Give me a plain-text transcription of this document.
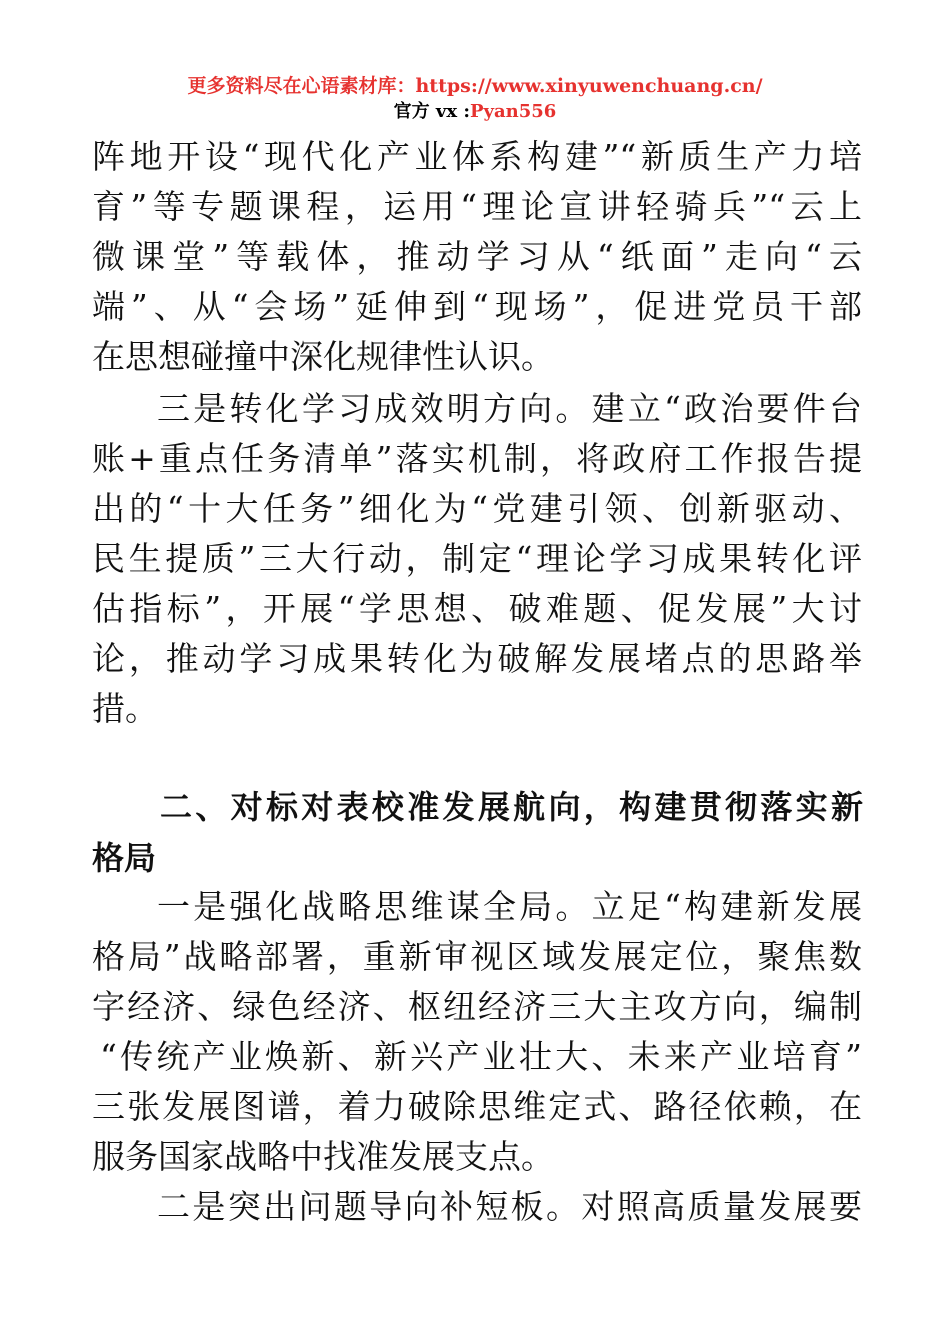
更多资料尽在心语素材库：https://www.xinyuwenchuang.cn/
官方 vx :Pyan556
阵地开设“现代化产业体系构建”“新质生产力培
育”等专题课程，运用“理论宣讲轻骑兵”“云上
微课堂”等载体，推动学习从“纸面”走向“云
端”、从“会场”延伸到“现场”，促进党员干部
在思想碰撞中深化规律性认识。
三是转化学习成效明方向。建立“政治要件台
账+重点任务清单”落实机制，将政府工作报告提
出的“十大任务”细化为“党建引领、创新驱动、
民生提质”三大行动，制定“理论学习成果转化评
估指标”，开展“学思想、破难题、促发展”大讨
论，推动学习成果转化为破解发展堵点的思路举
措。
二、对标对表校准发展航向，构建贯彻落实新
格局
一是强化战略思维谋全局。立足“构建新发展
格局”战略部署，重新审视区域发展定位，聚焦数
字经济、绿色经济、枢纽经济三大主攻方向，编制
“传统产业焕新、新兴产业壮大、未来产业培育”
三张发展图谱，着力破除思维定式、路径依赖，在
服务国家战略中找准发展支点。
二是突出问题导向补短板。对照高质量发展要
